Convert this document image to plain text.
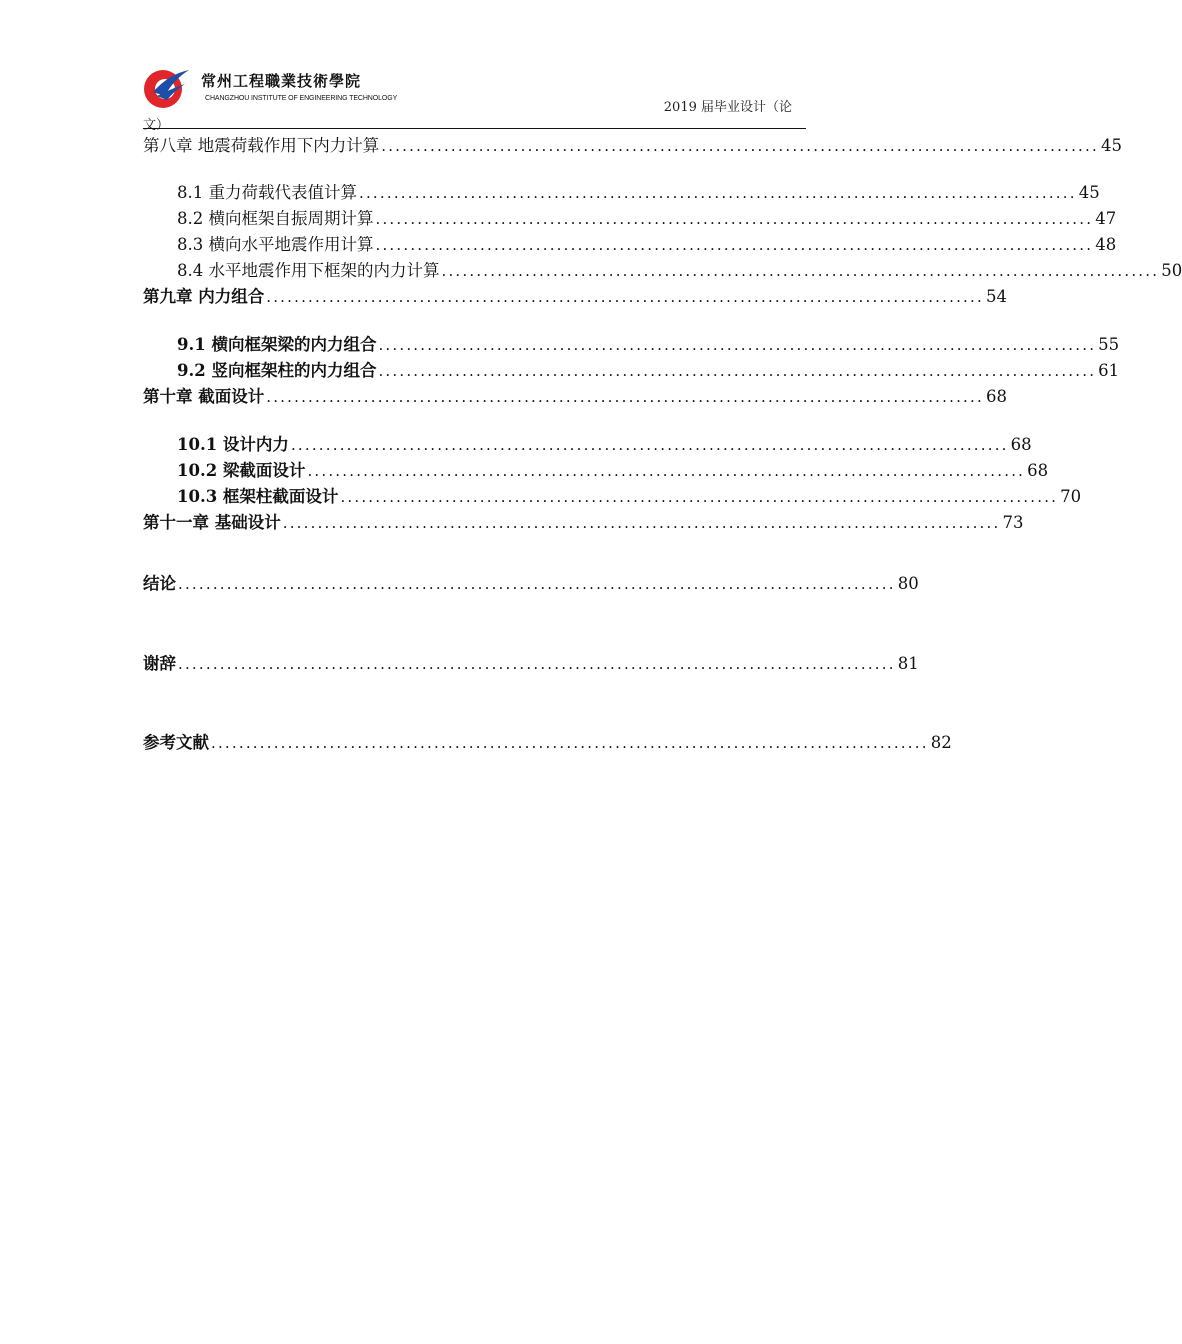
常州工程職業技術學院
CHANGZHOU INSTITUTE OF ENGINEERING TECHNOLOGY
2019 届毕业设计（论
文）
第八章 地震荷载作用下内力计算 ....................................................................................................... 45
8.1 重力荷载代表值计算 ....................................................................................................... 45
8.2 横向框架自振周期计算 ....................................................................................................... 47
8.3 横向水平地震作用计算 ....................................................................................................... 48
8.4 水平地震作用下框架的内力计算 ....................................................................................................... 50
第九章 内力组合 ....................................................................................................... 54
9.1 横向框架梁的内力组合 ....................................................................................................... 55
9.2 竖向框架柱的内力组合 ....................................................................................................... 61
第十章 截面设计 ....................................................................................................... 68
10.1 设计内力 ....................................................................................................... 68
10.2 梁截面设计 ....................................................................................................... 68
10.3 框架柱截面设计 ....................................................................................................... 70
第十一章 基础设计 ....................................................................................................... 73
结论 ....................................................................................................... 80
谢辞 ....................................................................................................... 81
参考文献 ....................................................................................................... 82
